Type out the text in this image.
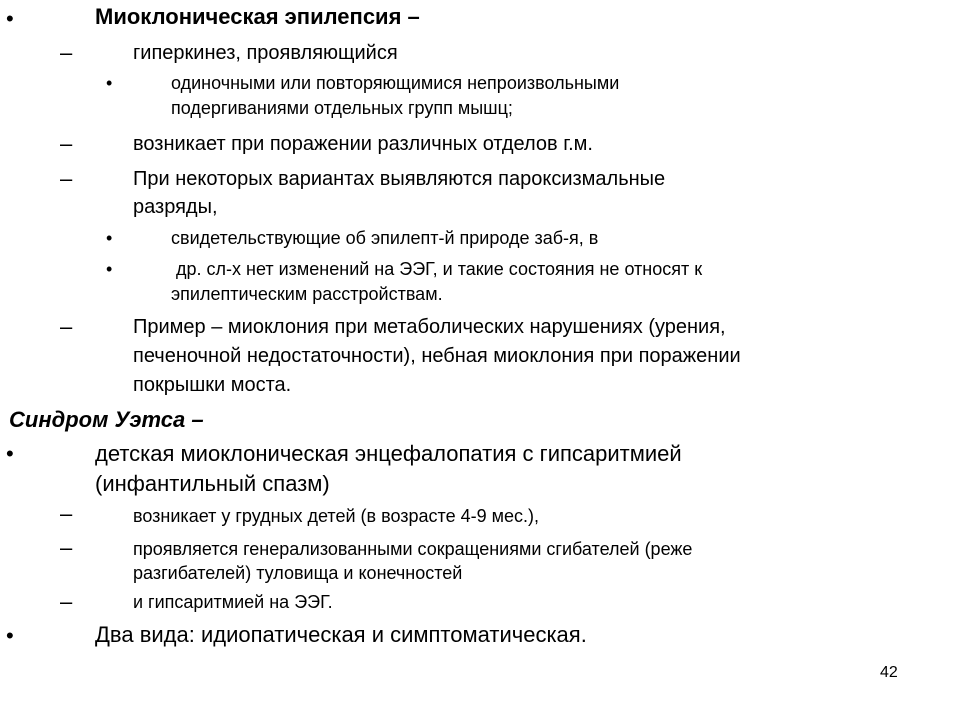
•	Миоклоническая эпилепсия –
–	гиперкинез, проявляющийся
•	одиночными или повторяющимися непроизвольными
подергиваниями отдельных групп мышц;
–	возникает при поражении различных отделов г.м.
–	При некоторых вариантах выявляются пароксизмальные
разряды,
•	свидетельствующие об эпилепт-й природе заб-я, в
•	др. сл-х нет изменений на ЭЭГ, и такие состояния не относят к
эпилептическим расстройствам.
–	Пример – миоклония при метаболических нарушениях (урения,
печеночной недостаточности), небная миоклония при поражении
покрышки моста.
Синдром Уэтса –
•	детская миоклоническая энцефалопатия с гипсаритмией
(инфантильный спазм)
–	возникает у грудных детей (в возрасте 4-9 мес.),
–	проявляется генерализованными сокращениями сгибателей (реже
разгибателей) туловища и конечностей
–	и гипсаритмией на ЭЭГ.
•	Два вида: идиопатическая и симптоматическая.
42
